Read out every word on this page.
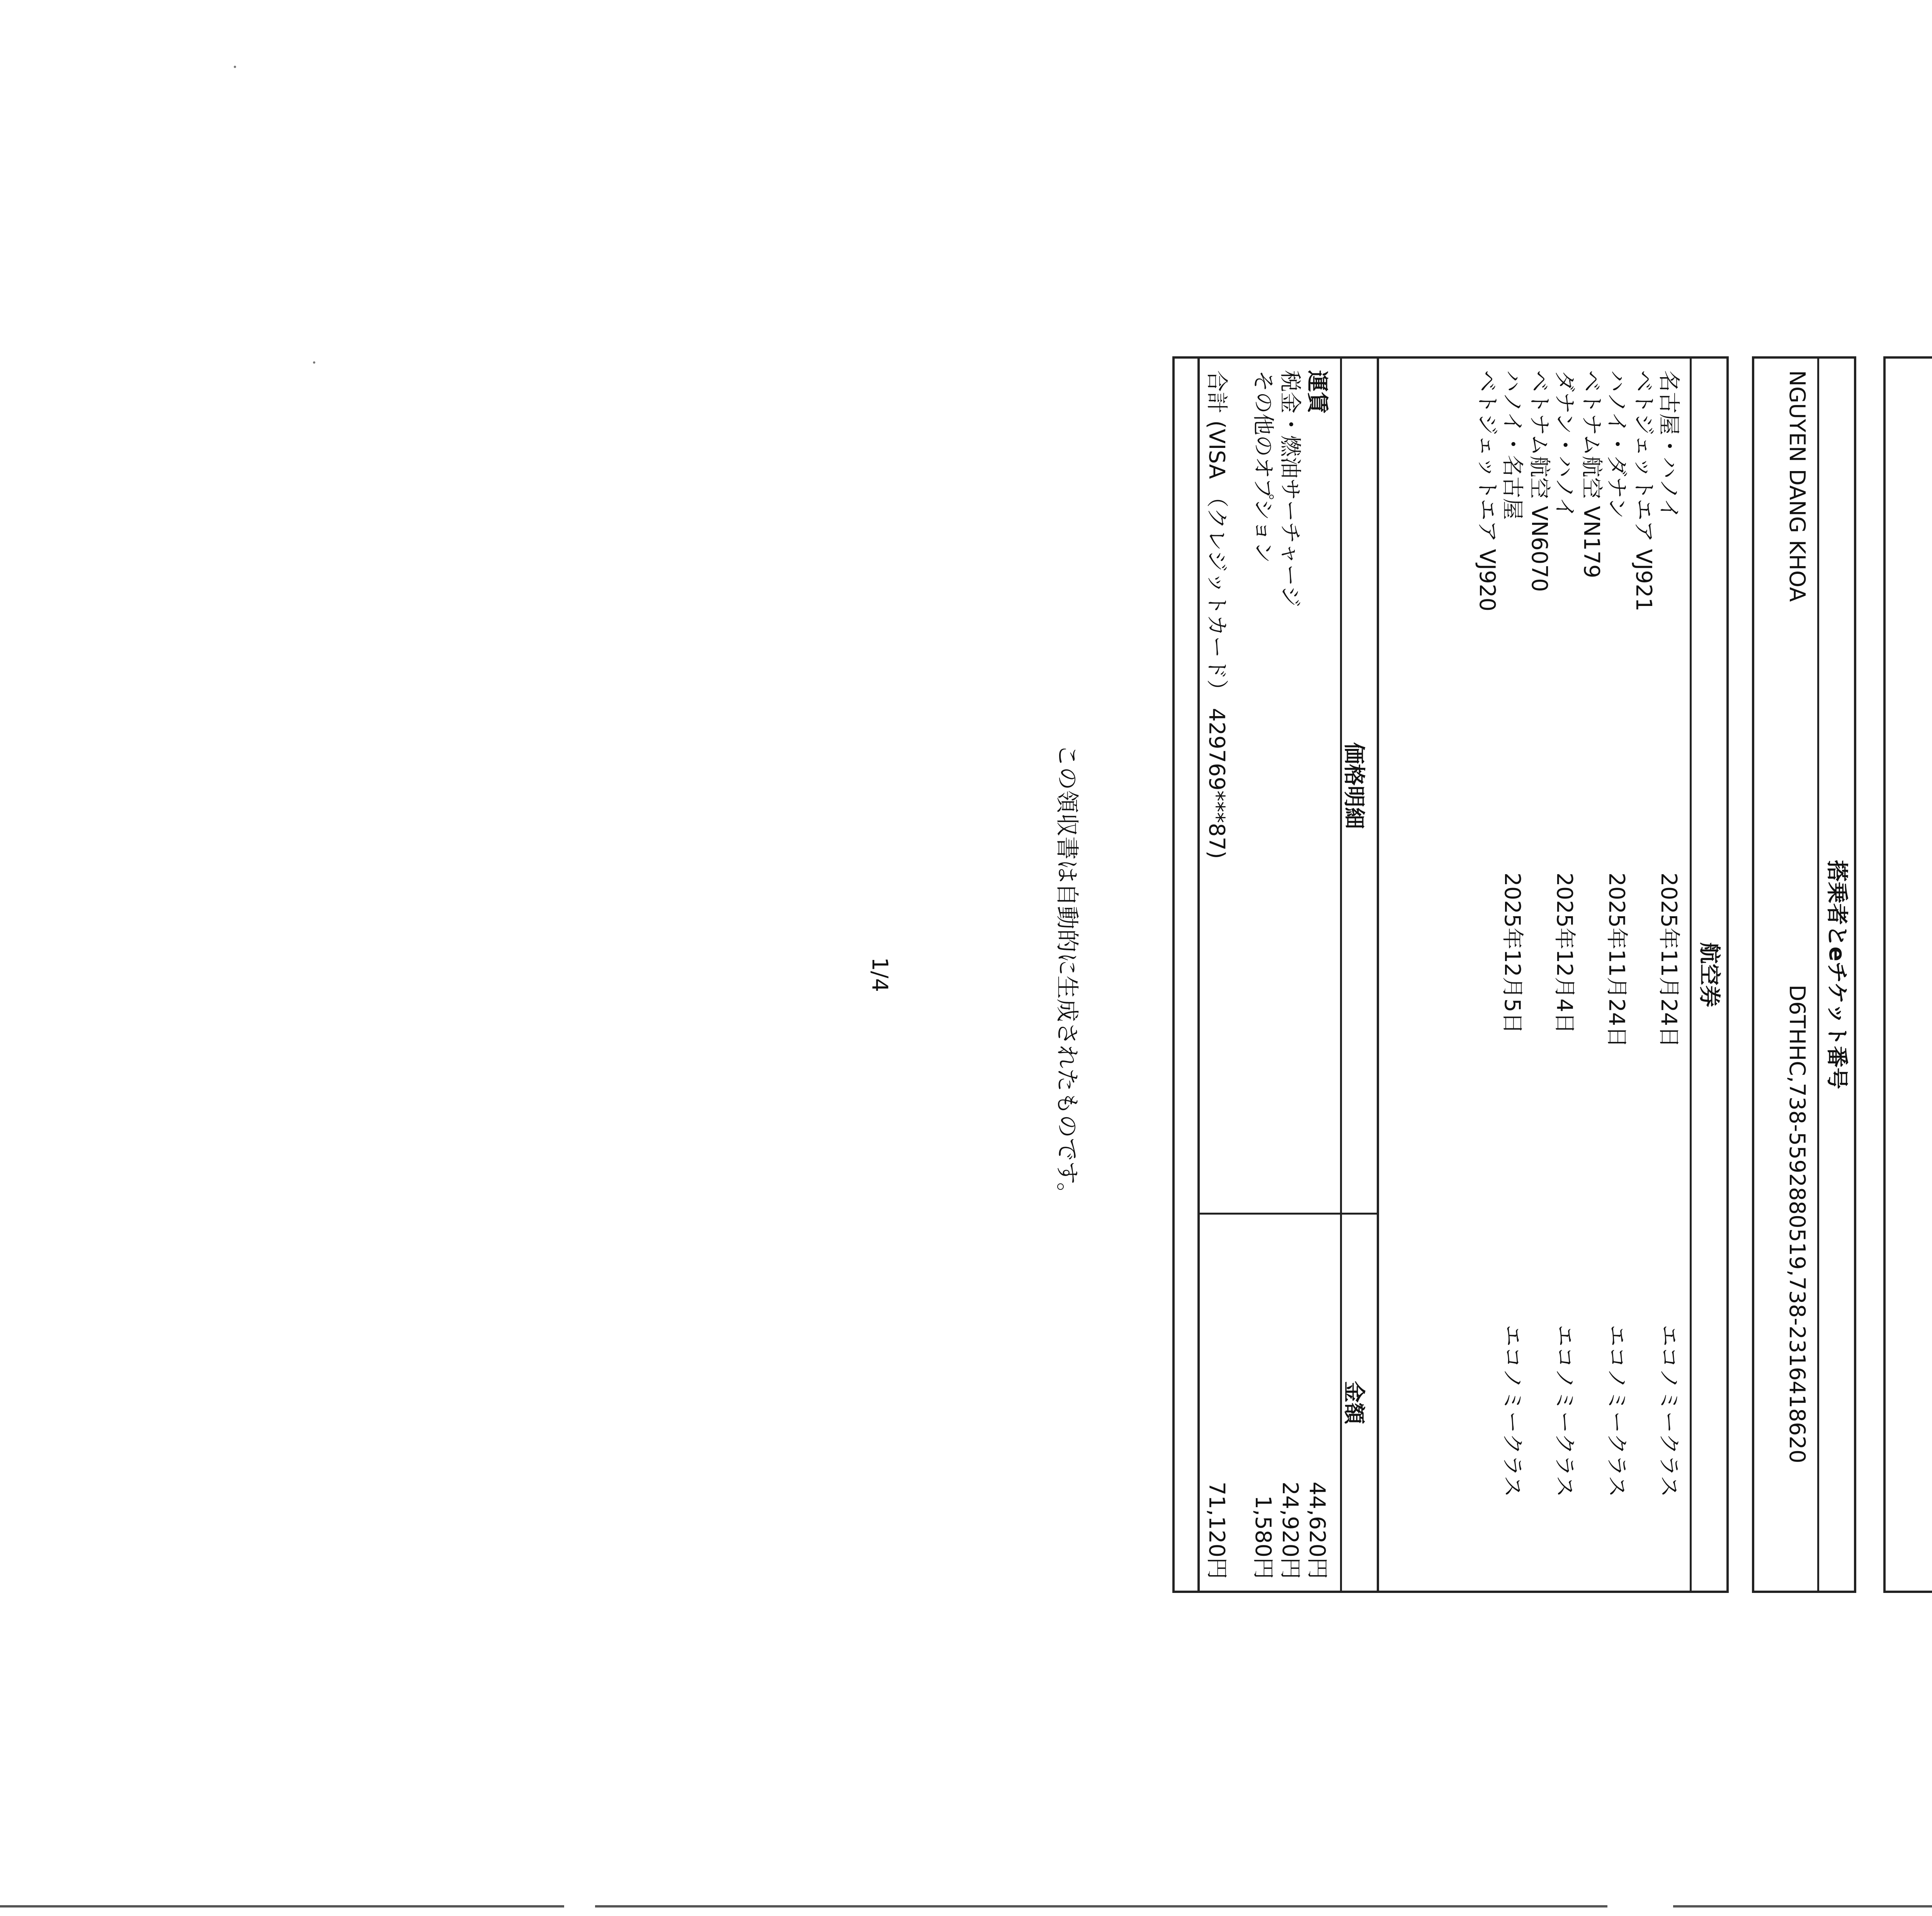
搭乗者とeチケット番号
NGUYEN DANG KHOA
D6THHC,738-5592880519,738-2316418620
航空券
名古屋・ハノイ
ベトジェットエア VJ921
2025年11月24日
エコノミークラス
ハノイ・ダナン
ベトナム航空 VN179
2025年11月24日
エコノミークラス
ダナン・ハノイ
ベトナム航空 VN6070
2025年12月4日
エコノミークラス
ハノイ・名古屋
ベトジェットエア VJ920
2025年12月5日
エコノミークラス
価格明細
金額
運賃
44,620円
税金・燃油サーチャージ
24,920円
その他のオプション
1,580円
合計 (VISA （クレジットカード） 429769***87)
71,120円
この領収書は自動的に生成されたものです。
1/4
